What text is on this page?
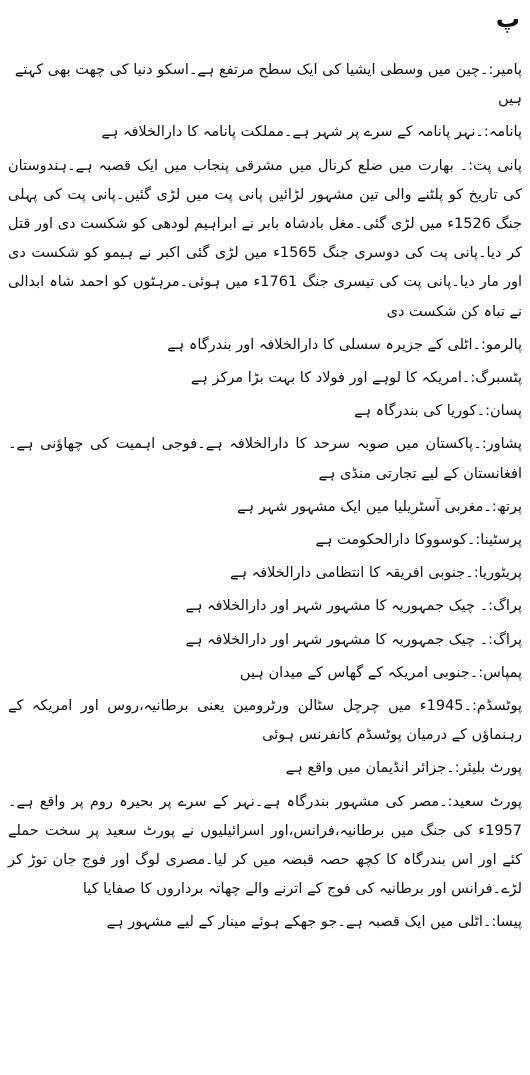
پ

پامیر:۔چین میں وسطی ایشیا کی ایک سطح مرتفع ہے۔اسکو دنیا کی چھت بھی کہتے ہیں

پانامہ:۔نہر پانامہ کے سرے پر شہر ہے۔مملکت پانامہ کا دارالخلافہ ہے

پانی پت:۔ بھارت میں ضلع کرنال میں مشرقی پنجاب میں ایک قصبہ ہے۔ہندوستان کی تاریخ کو پلٹنے والی تین مشہور لڑائیں پانی پت میں لڑی گئیں۔پانی پت کی پہلی جنگ 1526ء میں لڑی گئی۔مغل بادشاہ بابر نے ابراہیم لودھی کو شکست دی اور قتل کر دیا۔پانی پت کی دوسری جنگ 1565ء میں لڑی گئی اکبر نے ہیمو کو شکست دی اور مار دیا۔پانی پت کی تیسری جنگ 1761ء میں ہوئی۔مرہٹوں کو احمد شاہ ابدالی نے تباہ کن شکست دی

پالرمو:۔اٹلی کے جزیرہ سسلی کا دارالخلافہ اور بندرگاہ ہے

پٹسبرگ:۔امریکہ کا لوہے اور فولاد کا بہت بڑا مرکز ہے

پسان:۔کوریا کی بندرگاہ ہے

پشاور:۔پاکستان میں صوبہ سرحد کا دارالخلافہ ہے۔فوجی اہمیت کی چھاؤنی ہے۔افغانستان کے لیے تجارتی منڈی ہے

پرتھ:۔مغربی آسٹریلیا میں ایک مشہور شہر ہے

پرسٹینا:۔کوسووکا دارالحکومت ہے

پریٹوریا:۔جنوبی افریقہ کا انتظامی دارالخلافہ ہے

پراگ:۔ چیک جمہوریہ کا مشہور شہر اور دارالخلافہ ہے

پراگ:۔ چیک جمہوریہ کا مشہور شہر اور دارالخلافہ ہے

پمپاس:۔جنوبی امریکہ کے گھاس کے میدان ہیں

پوٹسڈم:۔1945ء میں چرچل سٹالن ورٹرومین یعنی برطانیہ،روس اور امریکہ کے رہنماؤں کے درمیان پوٹسڈم کانفرنس ہوئی

پورٹ بلیئر:۔جزائر انڈیمان میں واقع ہے

پورٹ سعید:۔مصر کی مشہور بندرگاہ ہے۔نہر کے سرے پر بحیرہ روم پر واقع ہے۔1957ء کی جنگ میں برطانیہ،فرانس،اور اسرائیلیوں نے پورٹ سعید پر سخت حملے کئے اور اس بندرگاہ کا کچھ حصہ قبضہ میں کر لیا۔مصری لوگ اور فوج جان توڑ کر لڑے۔فرانس اور برطانیہ کی فوج کے اترنے والے چھاتہ برداروں کا صفایا کیا

پیسا:۔اٹلی میں ایک قصبہ ہے۔جو جھکے ہوئے مینار کے لیے مشہور ہے
